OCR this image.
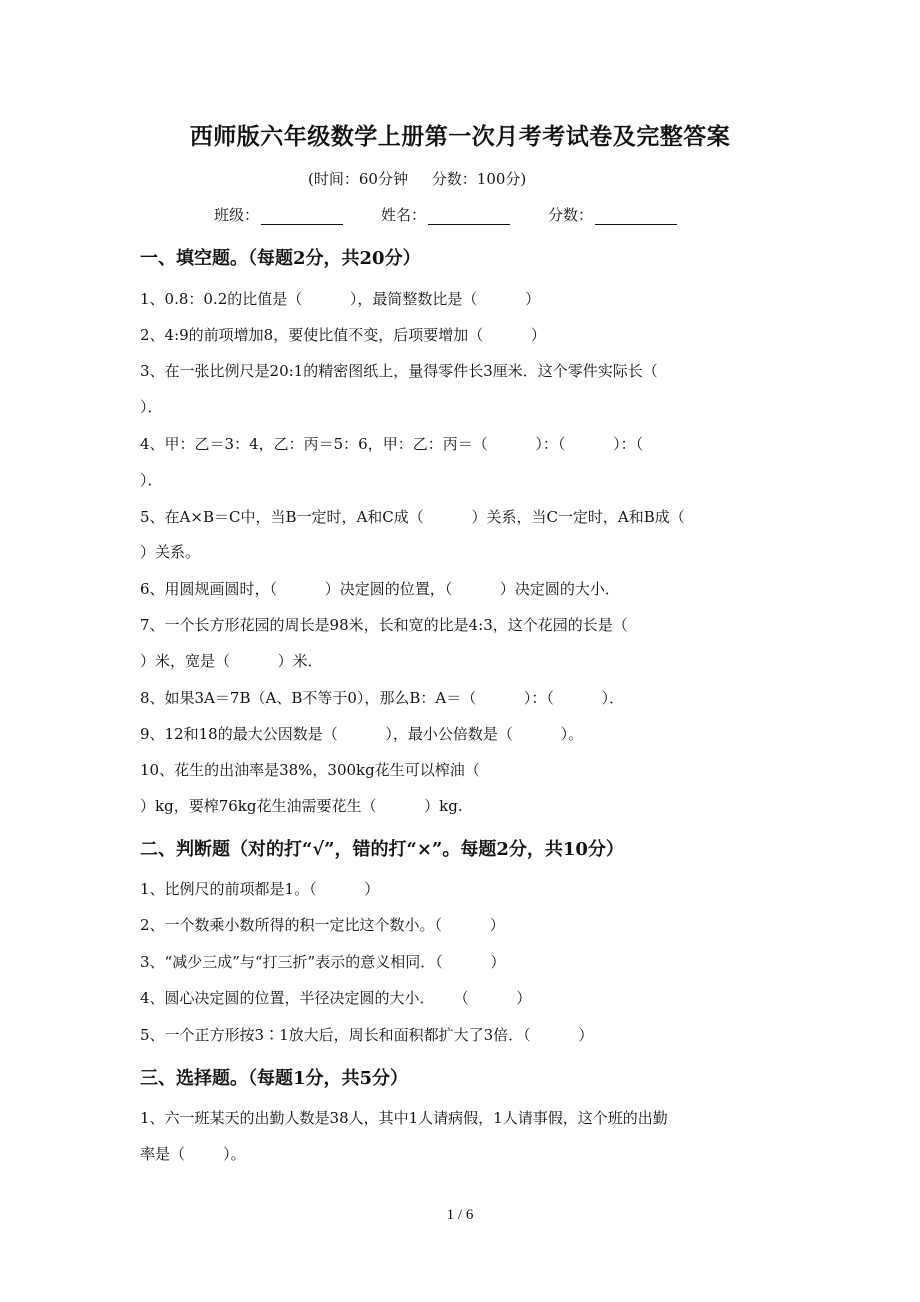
西师版六年级数学上册第一次月考考试卷及完整答案
(时间：60分钟     分数：100分)
班级：	姓名：	分数：
一、填空题。（每题2分，共20分）
1、0.8：0.2的比值是（          ），最简整数比是（          ）
2、4:9的前项增加8，要使比值不变，后项要增加（          ）
3、在一张比例尺是20:1的精密图纸上，量得零件长3厘米．这个零件实际长（
）．
4、甲：乙＝3：4，乙：丙＝5：6，甲：乙：丙＝（          ）：（          ）：（
）．
5、在A×B＝C中，当B一定时，A和C成（          ）关系，当C一定时，A和B成（
）关系。
6、用圆规画圆时，（          ）决定圆的位置，（          ）决定圆的大小．
7、一个长方形花园的周长是98米，长和宽的比是4:3，这个花园的长是（
）米，宽是（          ）米．
8、如果3A＝7B（A、B不等于0），那么B：A＝（          ）：（          ）．
9、12和18的最大公因数是（          ），最小公倍数是（          ）。
10、花生的出油率是38%，300kg花生可以榨油（
）kg，要榨76kg花生油需要花生（          ）kg.
二、判断题（对的打“√”，错的打“×”。每题2分，共10分）
1、比例尺的前项都是1。（          ）
2、一个数乘小数所得的积一定比这个数小。（          ）
3、“减少三成”与“打三折”表示的意义相同．（          ）
4、圆心决定圆的位置，半径决定圆的大小．    （          ）
5、一个正方形按3∶1放大后，周长和面积都扩大了3倍．（          ）
三、选择题。（每题1分，共5分）
1、六一班某天的出勤人数是38人，其中1人请病假，1人请事假，这个班的出勤
率是（        ）。
1 / 6
